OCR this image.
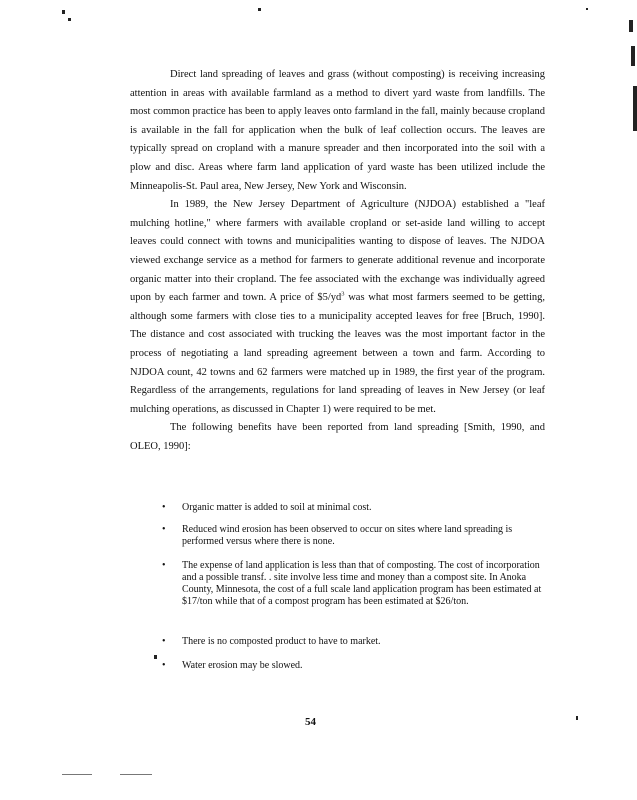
Direct land spreading of leaves and grass (without composting) is receiving increasing attention in areas with available farmland as a method to divert yard waste from landfills. The most common practice has been to apply leaves onto farmland in the fall, mainly because cropland is available in the fall for application when the bulk of leaf collection occurs. The leaves are typically spread on cropland with a manure spreader and then incorporated into the soil with a plow and disc. Areas where farm land application of yard waste has been utilized include the Minneapolis-St. Paul area, New Jersey, New York and Wisconsin.

In 1989, the New Jersey Department of Agriculture (NJDOA) established a "leaf mulching hotline," where farmers with available cropland or set-aside land willing to accept leaves could connect with towns and municipalities wanting to dispose of leaves. The NJDOA viewed exchange service as a method for farmers to generate additional revenue and incorporate organic matter into their cropland. The fee associated with the exchange was individually agreed upon by each farmer and town. A price of $\$5/yd^3$ was what most farmers seemed to be getting, although some farmers with close ties to a municipality accepted leaves for free [Bruch, 1990]. The distance and cost associated with trucking the leaves was the most important factor in the process of negotiating a land spreading agreement between a town and farm. According to NJDOA count, 42 towns and 62 farmers were matched up in 1989, the first year of the program. Regardless of the arrangements, regulations for land spreading of leaves in New Jersey (or leaf mulching operations, as discussed in Chapter 1) were required to be met.

The following benefits have been reported from land spreading [Smith, 1990, and OLEO, 1990]:

• Organic matter is added to soil at minimal cost.
• Reduced wind erosion has been observed to occur on sites where land spreading is performed versus where there is none.
• The expense of land application is less than that of composting. The cost of incorporation and a possible transf. . site involve less time and money than a compost site. In Anoka County, Minnesota, the cost of a full scale land application program has been estimated at $17/ton while that of a compost program has been estimated at $26/ton.
• There is no composted product to have to market.
• Water erosion may be slowed.
54
